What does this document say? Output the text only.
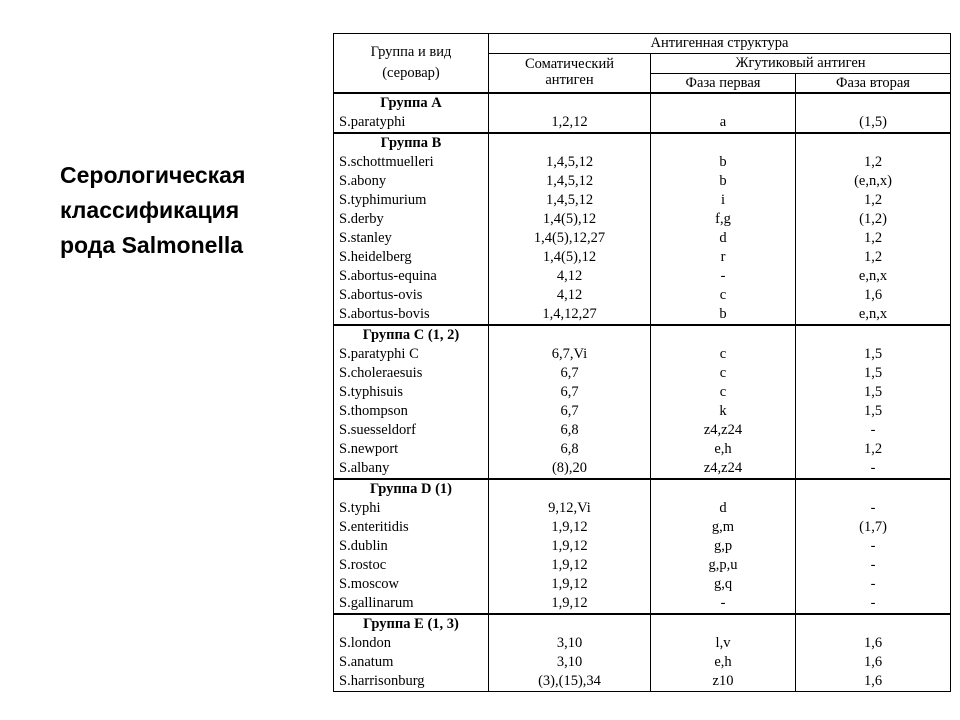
Серологическая
классификация
рода Salmonella
Группа и вид
(серовар)	Антигенная структура		

	Соматический
антиген	Жгутиковый антиген	
		Фаза первая	Фаза вторая
Группа А			
S.paratyphi	1,2,12	a	(1,5)
Группа В			
S.schottmuelleri	1,4,5,12	b	1,2
S.abony	1,4,5,12	b	(e,n,x)
S.typhimurium	1,4,5,12	i	1,2
S.derby	1,4(5),12	f,g	(1,2)
S.stanley	1,4(5),12,27	d	1,2
S.heidelberg	1,4(5),12	r	1,2
S.abortus-equina	4,12	-	e,n,x
S.abortus-ovis	4,12	c	1,6
S.abortus-bovis	1,4,12,27	b	e,n,x
Группа С (1, 2)			
S.paratyphi C	6,7,Vi	c	1,5
S.choleraesuis	6,7	c	1,5
S.typhisuis	6,7	c	1,5
S.thompson	6,7	k	1,5
S.suesseldorf	6,8	z4,z24	-
S.newport	6,8	e,h	1,2
S.albany	(8),20	z4,z24	-
Группа D (1)			
S.typhi	9,12,Vi	d	-
S.enteritidis	1,9,12	g,m	(1,7)
S.dublin	1,9,12	g,p	-
S.rostoc	1,9,12	g,p,u	-
S.moscow	1,9,12	g,q	-
S.gallinarum	1,9,12	-	-
Группа Е (1, 3)			
S.london	3,10	l,v	1,6
S.anatum	3,10	e,h	1,6
S.harrisonburg	(3),(15),34	z10	1,6
